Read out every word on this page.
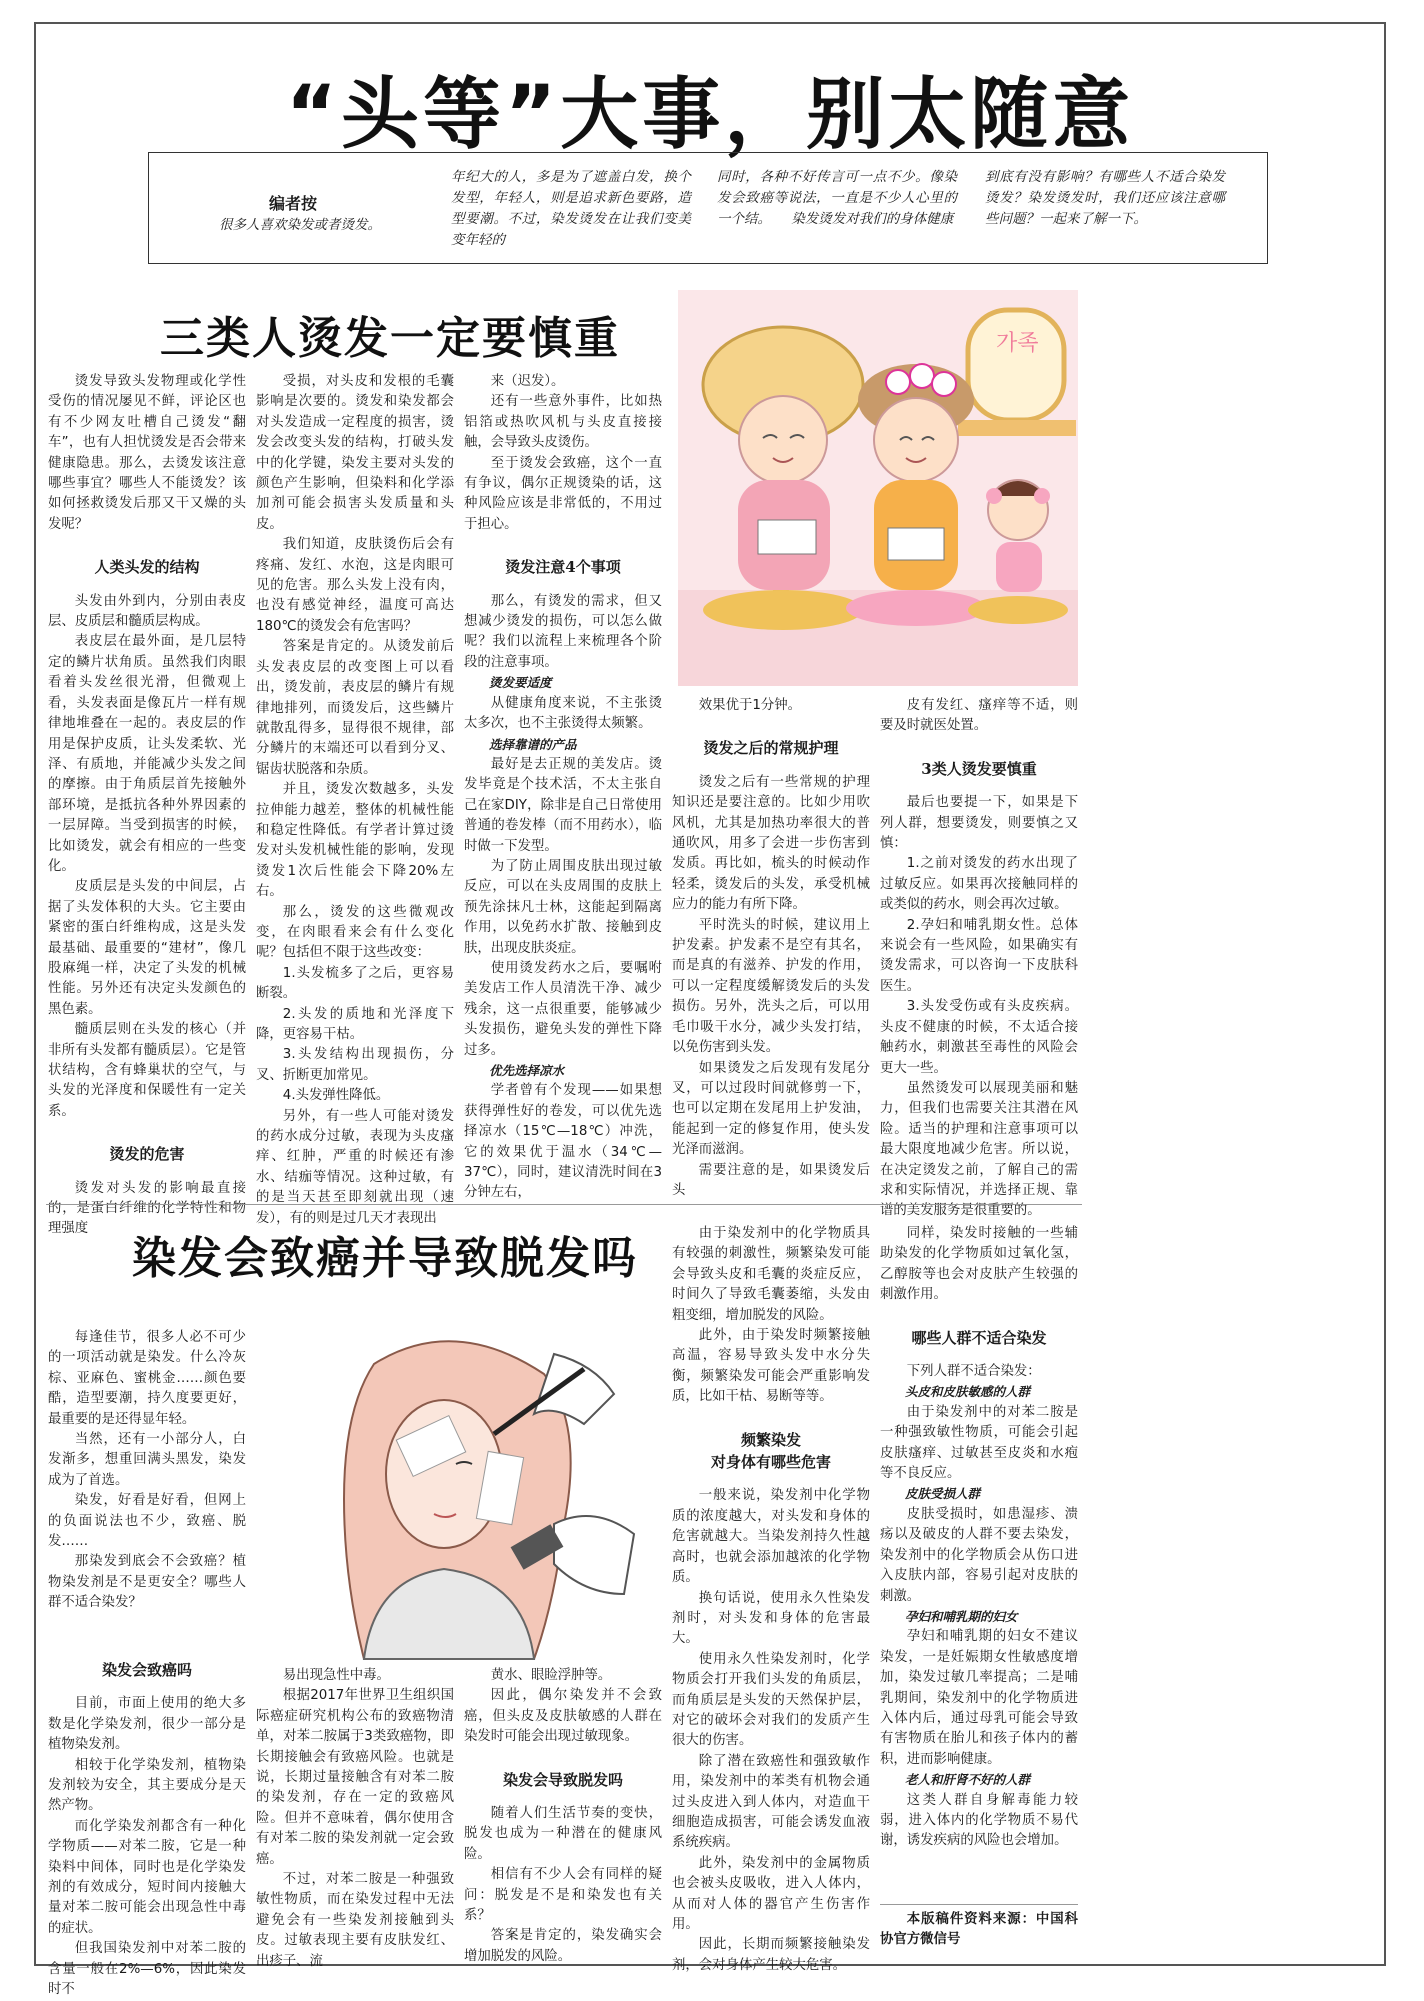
“头等”大事，别太随意
编者按
很多人喜欢染发或者烫发。
年纪大的人，多是为了遮盖白发，换个发型，年轻人，则是追求新色要路，造型要潮。不过，染发烫发在让我们变美变年轻的
同时，各种不好传言可一点不少。像染发会致癌等说法，一直是不少人心里的一个结。　　染发烫发对我们的身体健康
到底有没有影响？有哪些人不适合染发烫发？染发烫发时，我们还应该注意哪些问题？一起来了解一下。
三类人烫发一定要慎重

烫发导致头发物理或化学性受伤的情况屡见不鲜，评论区也有不少网友吐槽自己烫发“翻车”，也有人担忧烫发是否会带来健康隐患。那么，去烫发该注意哪些事宜？哪些人不能烫发？该如何拯救烫发后那又干又燥的头发呢？

人类头发的结构

头发由外到内，分别由表皮层、皮质层和髓质层构成。

表皮层在最外面，是几层特定的鳞片状角质。虽然我们肉眼看着头发丝很光滑，但微观上看，头发表面是像瓦片一样有规律地堆叠在一起的。表皮层的作用是保护皮质，让头发柔软、光泽、有质地，并能减少头发之间的摩擦。由于角质层首先接触外部环境，是抵抗各种外界因素的一层屏障。当受到损害的时候，比如烫发，就会有相应的一些变化。

皮质层是头发的中间层，占据了头发体积的大头。它主要由紧密的蛋白纤维构成，这是头发最基础、最重要的“建材”，像几股麻绳一样，决定了头发的机械性能。另外还有决定头发颜色的黑色素。

髓质层则在头发的核心（并非所有头发都有髓质层）。它是管状结构，含有蜂巢状的空气，与头发的光泽度和保暖性有一定关系。

烫发的危害

烫发对头发的影响最直接的，是蛋白纤维的化学特性和物理强度

受损，对头皮和发根的毛囊影响是次要的。烫发和染发都会对头发造成一定程度的损害，烫发会改变头发的结构，打破头发中的化学键，染发主要对头发的颜色产生影响，但染料和化学添加剂可能会损害头发质量和头皮。

我们知道，皮肤烫伤后会有疼痛、发红、水泡，这是肉眼可见的危害。那么头发上没有肉，也没有感觉神经，温度可高达180℃的烫发会有危害吗？

答案是肯定的。从烫发前后头发表皮层的改变图上可以看出，烫发前，表皮层的鳞片有规律地排列，而烫发后，这些鳞片就散乱得多，显得很不规律，部分鳞片的末端还可以看到分叉、锯齿状脱落和杂质。

并且，烫发次数越多，头发拉伸能力越差，整体的机械性能和稳定性降低。有学者计算过烫发对头发机械性能的影响，发现烫发1次后性能会下降20%左右。

那么，烫发的这些微观改变，在肉眼看来会有什么变化呢？包括但不限于这些改变：

1.头发梳多了之后，更容易断裂。

2.头发的质地和光泽度下降，更容易干枯。

3.头发结构出现损伤，分叉、折断更加常见。

4.头发弹性降低。

另外，有一些人可能对烫发的药水成分过敏，表现为头皮瘙痒、红肿，严重的时候还有渗水、结痂等情况。这种过敏，有的是当天甚至即刻就出现（速发），有的则是过几天才表现出

来（迟发）。

还有一些意外事件，比如热铝箔或热吹风机与头皮直接接触，会导致头皮烫伤。

至于烫发会致癌，这个一直有争议，偶尔正规烫染的话，这种风险应该是非常低的，不用过于担心。

烫发注意4个事项

那么，有烫发的需求，但又想减少烫发的损伤，可以怎么做呢？我们以流程上来梳理各个阶段的注意事项。

烫发要适度

从健康角度来说，不主张烫太多次，也不主张烫得太频繁。

选择靠谱的产品

最好是去正规的美发店。烫发毕竟是个技术活，不太主张自己在家DIY，除非是自己日常使用普通的卷发棒（而不用药水），临时做一下发型。

为了防止周围皮肤出现过敏反应，可以在头皮周围的皮肤上预先涂抹凡士林，这能起到隔离作用，以免药水扩散、接触到皮肤，出现皮肤炎症。

使用烫发药水之后，要嘱咐美发店工作人员清洗干净、减少残余，这一点很重要，能够减少头发损伤，避免头发的弹性下降过多。

优先选择凉水

学者曾有个发现——如果想获得弹性好的卷发，可以优先选择凉水（15℃—18℃）冲洗，它的效果优于温水（34℃—37℃），同时，建议清洗时间在3分钟左右，

效果优于1分钟。

烫发之后的常规护理

烫发之后有一些常规的护理知识还是要注意的。比如少用吹风机，尤其是加热功率很大的普通吹风，用多了会进一步伤害到发质。再比如，梳头的时候动作轻柔，烫发后的头发，承受机械应力的能力有所下降。

平时洗头的时候，建议用上护发素。护发素不是空有其名，而是真的有滋养、护发的作用，可以一定程度缓解烫发后的头发损伤。另外，洗头之后，可以用毛巾吸干水分，减少头发打结，以免伤害到头发。

如果烫发之后发现有发尾分叉，可以过段时间就修剪一下，也可以定期在发尾用上护发油，能起到一定的修复作用，使头发光泽而滋润。

需要注意的是，如果烫发后头

皮有发红、瘙痒等不适，则要及时就医处置。

3类人烫发要慎重

最后也要提一下，如果是下列人群，想要烫发，则要慎之又慎：

1.之前对烫发的药水出现了过敏反应。如果再次接触同样的或类似的药水，则会再次过敏。

2.孕妇和哺乳期女性。总体来说会有一些风险，如果确实有烫发需求，可以咨询一下皮肤科医生。

3.头发受伤或有头皮疾病。头皮不健康的时候，不太适合接触药水，刺激甚至毒性的风险会更大一些。

虽然烫发可以展现美丽和魅力，但我们也需要关注其潜在风险。适当的护理和注意事项可以最大限度地减少危害。所以说，在决定烫发之前，了解自己的需求和实际情况，并选择正规、靠谱的美发服务是很重要的。

가족
染发会致癌并导致脱发吗

每逢佳节，很多人必不可少的一项活动就是染发。什么冷灰棕、亚麻色、蜜桃金……颜色要酷，造型要潮，持久度要更好，最重要的是还得显年轻。

当然，还有一小部分人，白发渐多，想重回满头黑发，染发成为了首选。

染发，好看是好看，但网上的负面说法也不少，致癌、脱发……

那染发到底会不会致癌？植物染发剂是不是更安全？哪些人群不适合染发？

染发会致癌吗

目前，市面上使用的绝大多数是化学染发剂，很少一部分是植物染发剂。

相较于化学染发剂，植物染发剂较为安全，其主要成分是天然产物。

而化学染发剂都含有一种化学物质——对苯二胺，它是一种染料中间体，同时也是化学染发剂的有效成分，短时间内接触大量对苯二胺可能会出现急性中毒的症状。

但我国染发剂中对苯二胺的含量一般在2%—6%，因此染发时不

易出现急性中毒。

根据2017年世界卫生组织国际癌症研究机构公布的致癌物清单，对苯二胺属于3类致癌物，即长期接触会有致癌风险。也就是说，长期过量接触含有对苯二胺的染发剂，存在一定的致癌风险。但并不意味着，偶尔使用含有对苯二胺的染发剂就一定会致癌。

不过，对苯二胺是一种强致敏性物质，而在染发过程中无法避免会有一些染发剂接触到头皮。过敏表现主要有皮肤发红、出疹子、流

黄水、眼睑浮肿等。

因此，偶尔染发并不会致癌，但头皮及皮肤敏感的人群在染发时可能会出现过敏现象。

染发会导致脱发吗

随着人们生活节奏的变快，脱发也成为一种潜在的健康风险。

相信有不少人会有同样的疑问：脱发是不是和染发也有关系？

答案是肯定的，染发确实会增加脱发的风险。

由于染发剂中的化学物质具有较强的刺激性，频繁染发可能会导致头皮和毛囊的炎症反应，时间久了导致毛囊萎缩，头发由粗变细，增加脱发的风险。

此外，由于染发时频繁接触高温，容易导致头发中水分失衡，频繁染发可能会严重影响发质，比如干枯、易断等等。

频繁染发

对身体有哪些危害

一般来说，染发剂中化学物质的浓度越大，对头发和身体的危害就越大。当染发剂持久性越高时，也就会添加越浓的化学物质。

换句话说，使用永久性染发剂时，对头发和身体的危害最大。

使用永久性染发剂时，化学物质会打开我们头发的角质层，而角质层是头发的天然保护层，对它的破坏会对我们的发质产生很大的伤害。

除了潜在致癌性和强致敏作用，染发剂中的苯类有机物会通过头皮进入到人体内，对造血干细胞造成损害，可能会诱发血液系统疾病。

此外，染发剂中的金属物质也会被头皮吸收，进入人体内，从而对人体的器官产生伤害作用。

因此，长期而频繁接触染发剂，会对身体产生较大危害。

同样，染发时接触的一些辅助染发的化学物质如过氧化氢，乙醇胺等也会对皮肤产生较强的刺激作用。

哪些人群不适合染发

下列人群不适合染发：

头皮和皮肤敏感的人群

由于染发剂中的对苯二胺是一种强致敏性物质，可能会引起皮肤瘙痒、过敏甚至皮炎和水疱等不良反应。

皮肤受损人群

皮肤受损时，如患湿疹、溃疡以及破皮的人群不要去染发，染发剂中的化学物质会从伤口进入皮肤内部，容易引起对皮肤的刺激。

孕妇和哺乳期的妇女

孕妇和哺乳期的妇女不建议染发，一是妊娠期女性敏感度增加，染发过敏几率提高；二是哺乳期间，染发剂中的化学物质进入体内后，通过母乳可能会导致有害物质在胎儿和孩子体内的蓄积，进而影响健康。

老人和肝肾不好的人群

这类人群自身解毒能力较弱，进入体内的化学物质不易代谢，诱发疾病的风险也会增加。

本版稿件资料来源：中国科协官方微信号
